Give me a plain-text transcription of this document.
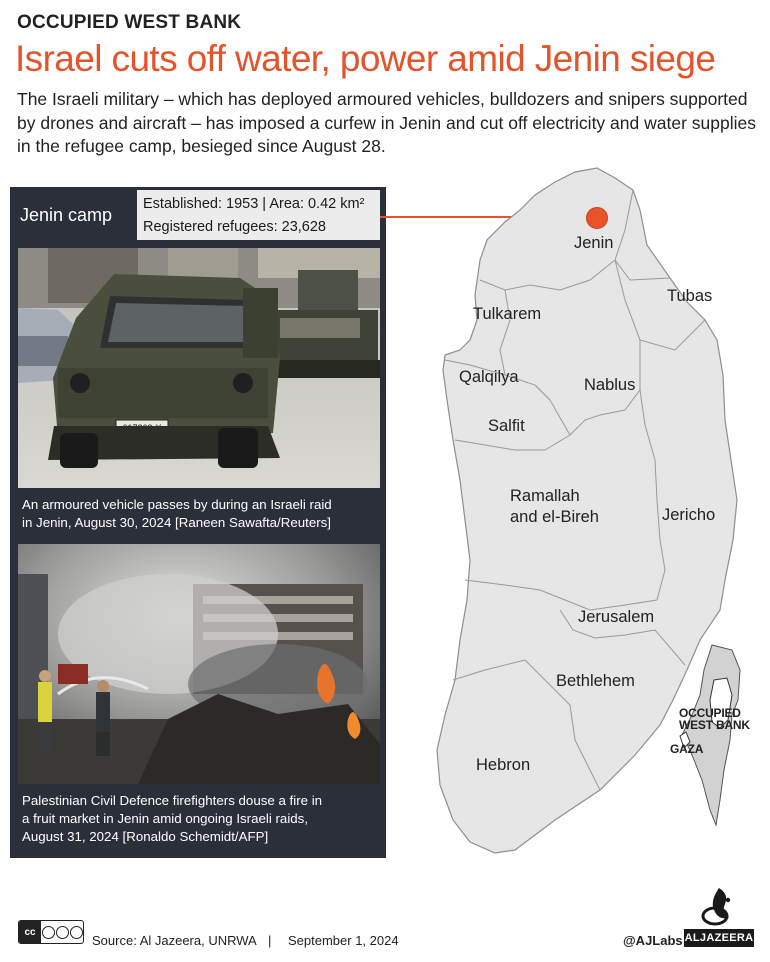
OCCUPIED WEST BANK
Israel cuts off water, power amid Jenin siege
The Israeli military – which has deployed armoured vehicles, bulldozers and snipers supported by drones and aircraft – has imposed a curfew in Jenin and cut off electricity and water supplies in the refugee camp, besieged since August 28.
Jenin camp
Established: 1953 | Area: 0.42 km²
Registered refugees: 23,628
An armoured vehicle passes by during an Israeli raid
in Jenin, August 30, 2024 [Raneen Sawafta/Reuters]
Palestinian Civil Defence firefighters douse a fire in
a fruit market in Jenin amid ongoing Israeli raids,
August 31, 2024 [Ronaldo Schemidt/AFP]
Jenin
Tubas
Tulkarem
Qalqilya	Nablus
Salfit
Ramallah
and el-Bireh	Jericho
Jerusalem
Bethlehem
Hebron
OCCUPIED
WEST BANK
GAZA
cc
Source: Al Jazeera, UNRWA | September 1, 2024	@AJLabs ALJAZEERA
